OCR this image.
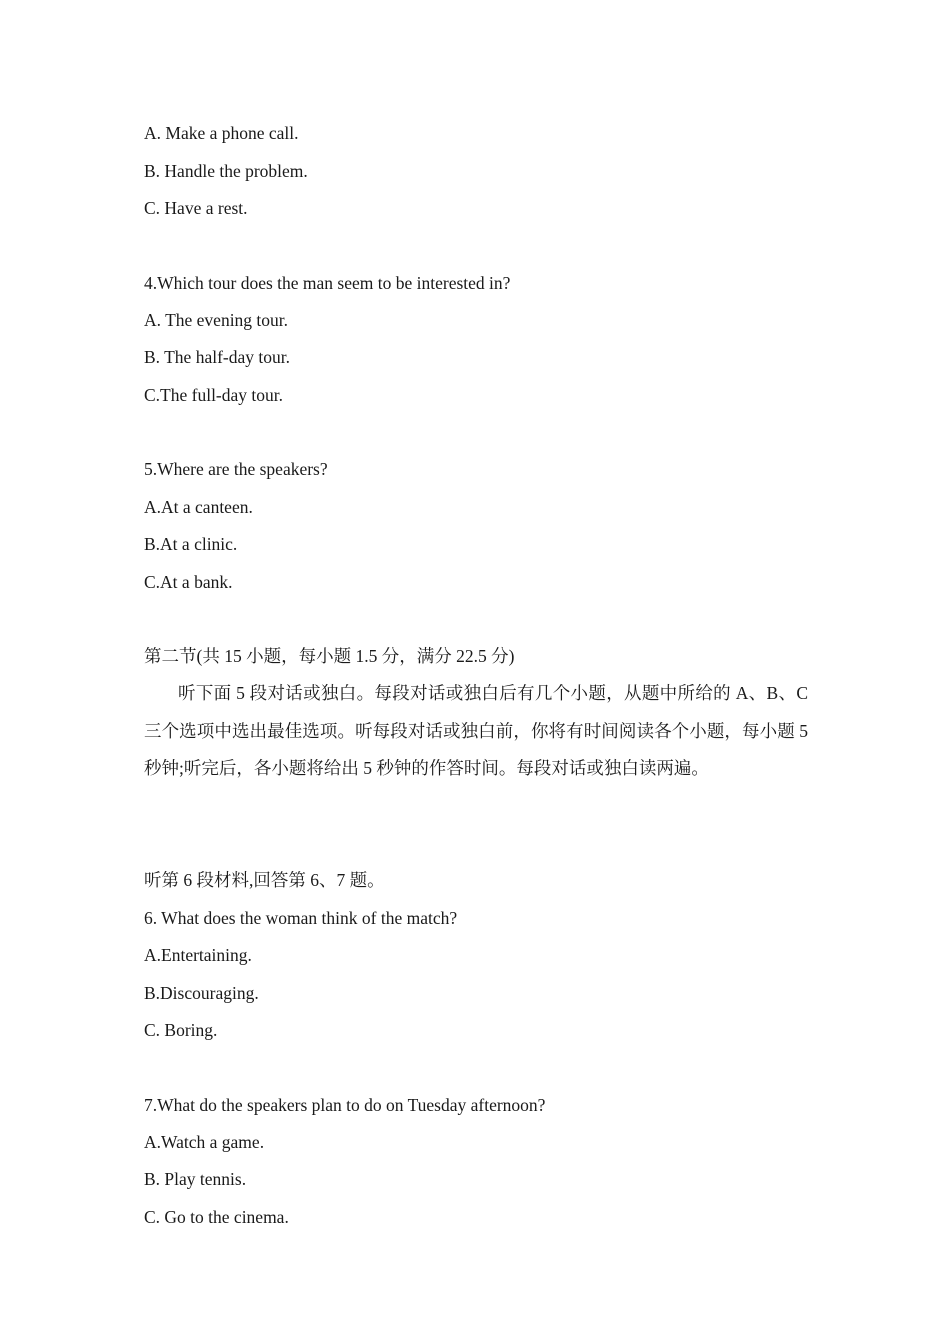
A. Make a phone call.
B. Handle the problem.
C. Have a rest.
4.Which tour does the man seem to be interested in?
A. The evening tour.
B. The half-day tour.
C.The full-day tour.
5.Where are the speakers?
A.At a canteen.
B.At a clinic.
C.At a bank.
第二节(共 15 小题，每小题 1.5 分，满分 22.5 分)
听下面 5 段对话或独白。每段对话或独白后有几个小题，从题中所给的 A、B、C 三个选项中选出最佳选项。听每段对话或独白前，你将有时间阅读各个小题，每小题 5 秒钟;听完后，各小题将给出 5 秒钟的作答时间。每段对话或独白读两遍。
听第 6 段材料,回答第 6、7 题。
6. What does the woman think of the match?
A.Entertaining.
B.Discouraging.
C. Boring.
7.What do the speakers plan to do on Tuesday afternoon?
A.Watch a game.
B. Play tennis.
C. Go to the cinema.
